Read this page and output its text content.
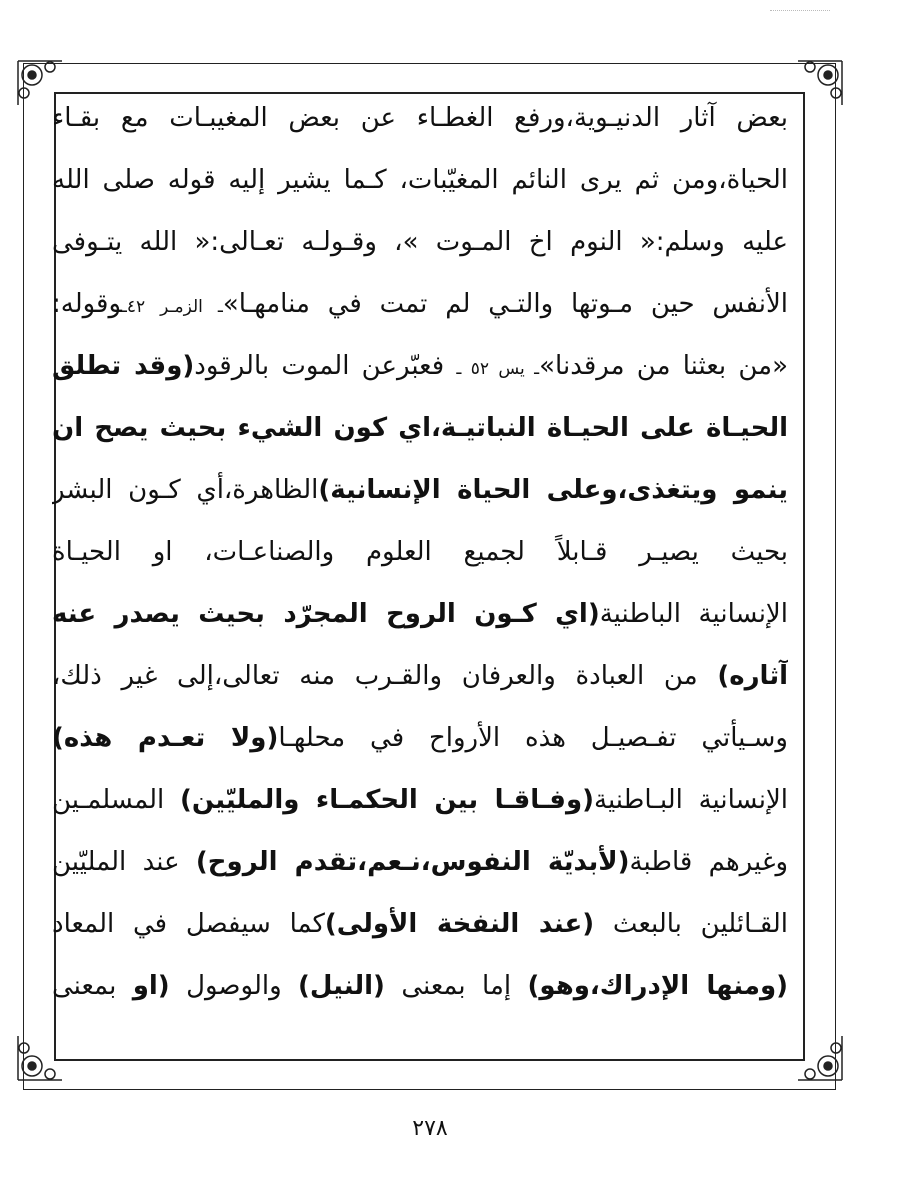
بعض آثار الدنيـوية،ورفع الغطـاء عن بعض المغيبـات مع بقـاء
الحياة،ومن ثم يرى النائم المغيّبات، كـما يشير إليه قوله صلى الله
عليه وسلم:« النوم اخ المـوت »، وقـولـه تعـالى:« الله يتـوفى
الأنفس حين مـوتها والتـي لم تمت في منامهـا»ـ الزمـر ٤٢ـوقوله:
«من بعثنا من مرقدنا»ـ يس ٥٢ ـ فعبّرعن الموت بالرقود(وقد تطلق
الحيـاة على الحيـاة النباتيـة،اي كون الشيء بحيث يصح ان
ينمو ويتغذى،وعلى الحياة الإنسانية)الظاهرة،أي كـون البشر
بحيث يصيـر قـابلاً لجميع العلوم والصناعـات، او الحيـاة
الإنسانية الباطنية(اي كـون الروح المجرّد بحيث يصدر عنه
آثاره) من العبادة والعرفان والقـرب منه تعالى،إلى غير ذلك،
وسـيأتي تفـصيـل هذه الأرواح في محلهـا(ولا تعـدم هذه)
الإنسانية البـاطنية(وفـاقـا بين الحكمـاء والمليّين) المسلمـين
وغيرهم قاطبة(لأبديّة النفوس،نـعم،تقدم الروح) عند المليّين
القـائلين بالبعث (عند النفخة الأولى)كما سيفصل في المعاد
(ومنها الإدراك،وهو) إما بمعنى (النيل) والوصول (او بمعنى
٢٧٨
